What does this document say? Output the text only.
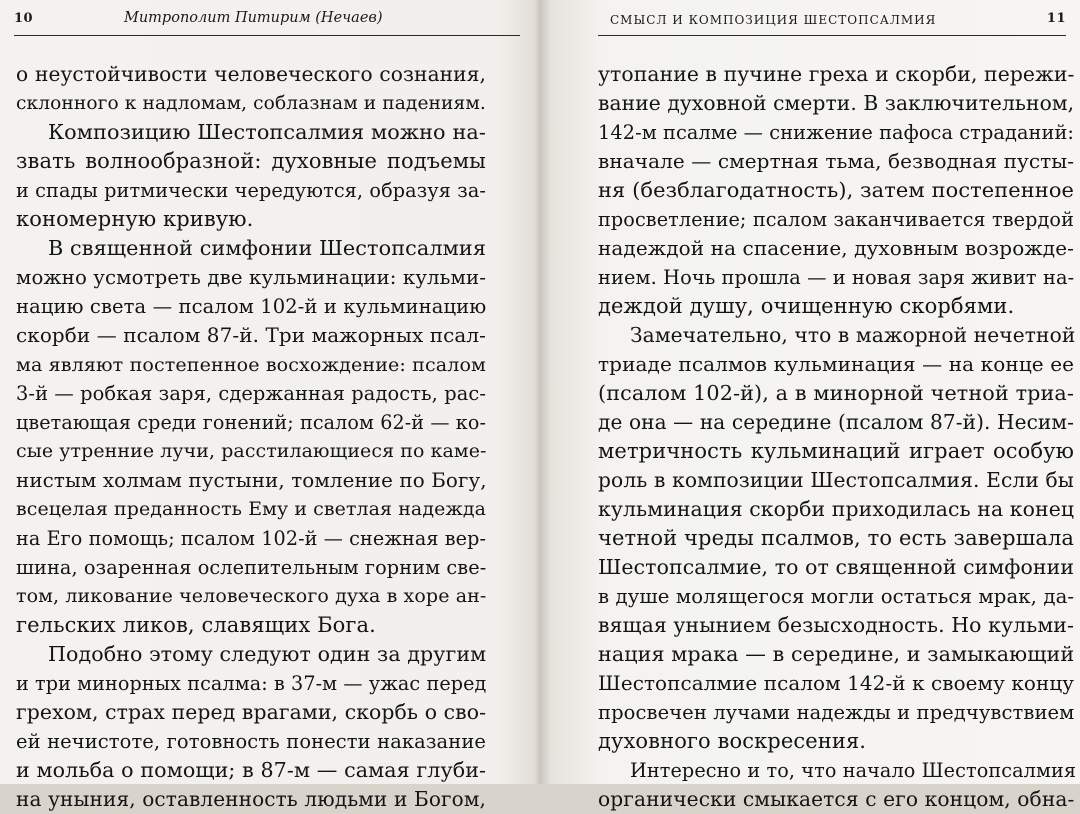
10	Митрополит Питирим (Нечаев)
о неустойчивости человеческого сознания,
склонного к надломам, соблазнам и падениям.
Композицию Шестопсалмия можно на-
звать волнообразной: духовные подъемы
и спады ритмически чередуются, образуя за-
кономерную кривую.
В священной симфонии Шестопсалмия
можно усмотреть две кульминации: кульми-
нацию света — псалом 102-й и кульминацию
скорби — псалом 87-й. Три мажорных псал-
ма являют постепенное восхождение: псалом
3-й — робкая заря, сдержанная радость, рас-
цветающая среди гонений; псалом 62-й — ко-
сые утренние лучи, расстилающиеся по каме-
нистым холмам пустыни, томление по Богу,
всецелая преданность Ему и светлая надежда
на Его помощь; псалом 102-й — снежная вер-
шина, озаренная ослепительным горним све-
том, ликование человеческого духа в хоре ан-
гельских ликов, славящих Бога.
Подобно этому следуют один за другим
и три минорных псалма: в 37-м — ужас перед
грехом, страх перед врагами, скорбь о сво-
ей нечистоте, готовность понести наказание
и мольба о помощи; в 87-м — самая глуби-
на уныния, оставленность людьми и Богом,
СМЫСЛ И КОМПОЗИЦИЯ ШЕСТОПСАЛМИЯ	11
утопание в пучине греха и скорби, пережи-
вание духовной смерти. В заключительном,
142-м псалме — снижение пафоса страданий:
вначале — смертная тьма, безводная пусты-
ня (безблагодатность), затем постепенное
просветление; псалом заканчивается твердой
надеждой на спасение, духовным возрожде-
нием. Ночь прошла — и новая заря живит на-
деждой душу, очищенную скорбями.
Замечательно, что в мажорной нечетной
триаде псалмов кульминация — на конце ее
(псалом 102-й), а в минорной четной триа-
де она — на середине (псалом 87-й). Несим-
метричность кульминаций играет особую
роль в композиции Шестопсалмия. Если бы
кульминация скорби приходилась на конец
четной чреды псалмов, то есть завершала
Шестопсалмие, то от священной симфонии
в душе молящегося могли остаться мрак, да-
вящая унынием безысходность. Но кульми-
нация мрака — в середине, и замыкающий
Шестопсалмие псалом 142-й к своему концу
просвечен лучами надежды и предчувствием
духовного воскресения.
Интересно и то, что начало Шестопсалмия
органически смыкается с его концом, обна-
